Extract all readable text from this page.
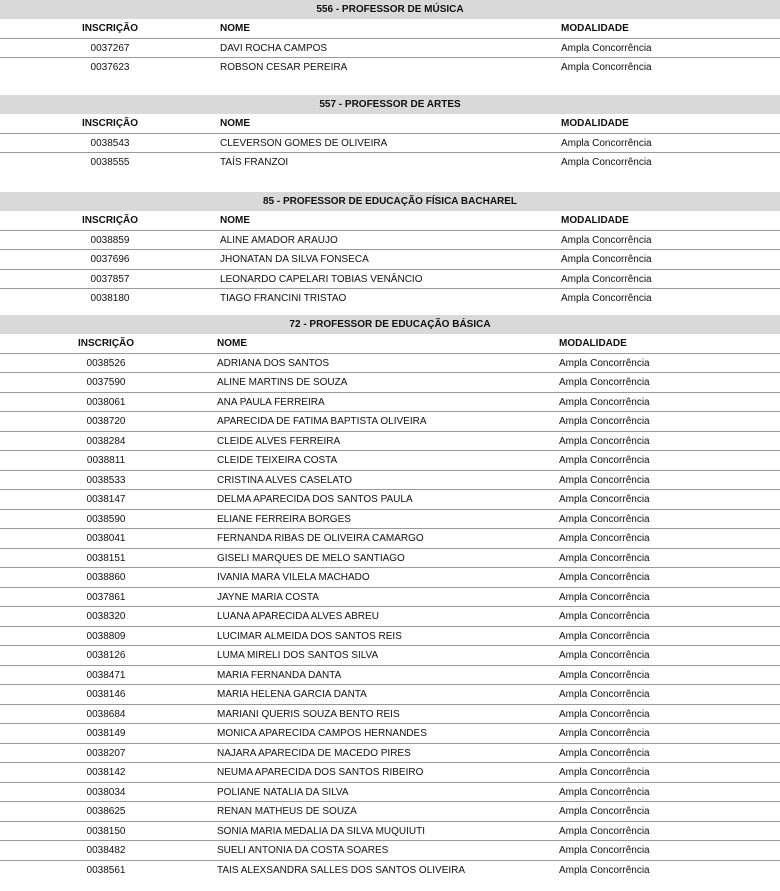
556 - PROFESSOR DE MÚSICA
INSCRIÇÃO	NOME	MODALIDADE
0037267	DAVI ROCHA CAMPOS	Ampla Concorrência
0037623	ROBSON CESAR PEREIRA	Ampla Concorrência
557 - PROFESSOR DE ARTES
INSCRIÇÃO	NOME	MODALIDADE
0038543	CLEVERSON GOMES DE OLIVEIRA	Ampla Concorrência
0038555	TAÍS FRANZOI	Ampla Concorrência
85 - PROFESSOR DE EDUCAÇÃO FÍSICA BACHAREL
INSCRIÇÃO	NOME	MODALIDADE
0038859	ALINE AMADOR ARAUJO	Ampla Concorrência
0037696	JHONATAN DA SILVA FONSECA	Ampla Concorrência
0037857	LEONARDO CAPELARI TOBIAS VENÂNCIO	Ampla Concorrência
0038180	TIAGO FRANCINI TRISTAO	Ampla Concorrência
72 - PROFESSOR DE EDUCAÇÃO BÁSICA
INSCRIÇÃO	NOME	MODALIDADE
0038526	ADRIANA DOS SANTOS	Ampla Concorrência
0037590	ALINE MARTINS DE SOUZA	Ampla Concorrência
0038061	ANA PAULA FERREIRA	Ampla Concorrência
0038720	APARECIDA DE FATIMA BAPTISTA OLIVEIRA	Ampla Concorrência
0038284	CLEIDE ALVES FERREIRA	Ampla Concorrência
0038811	CLEIDE TEIXEIRA COSTA	Ampla Concorrência
0038533	CRISTINA ALVES CASELATO	Ampla Concorrência
0038147	DELMA APARECIDA DOS SANTOS PAULA	Ampla Concorrência
0038590	ELIANE FERREIRA BORGES	Ampla Concorrência
0038041	FERNANDA RIBAS DE OLIVEIRA CAMARGO	Ampla Concorrência
0038151	GISELI MARQUES DE MELO SANTIAGO	Ampla Concorrência
0038860	IVANIA MARA VILELA MACHADO	Ampla Concorrência
0037861	JAYNE MARIA COSTA	Ampla Concorrência
0038320	LUANA APARECIDA ALVES ABREU	Ampla Concorrência
0038809	LUCIMAR ALMEIDA DOS SANTOS REIS	Ampla Concorrência
0038126	LUMA MIRELI DOS SANTOS SILVA	Ampla Concorrência
0038471	MARIA FERNANDA DANTA	Ampla Concorrência
0038146	MARIA HELENA GARCIA DANTA	Ampla Concorrência
0038684	MARIANI QUERIS SOUZA BENTO REIS	Ampla Concorrência
0038149	MONICA APARECIDA CAMPOS HERNANDES	Ampla Concorrência
0038207	NAJARA APARECIDA DE MACEDO PIRES	Ampla Concorrência
0038142	NEUMA APARECIDA DOS SANTOS RIBEIRO	Ampla Concorrência
0038034	POLIANE NATALIA DA SILVA	Ampla Concorrência
0038625	RENAN MATHEUS DE SOUZA	Ampla Concorrência
0038150	SONIA MARIA MEDALIA DA SILVA MUQUIUTI	Ampla Concorrência
0038482	SUELI ANTONIA DA COSTA SOARES	Ampla Concorrência
0038561	TAIS ALEXSANDRA SALLES DOS SANTOS OLIVEIRA	Ampla Concorrência
